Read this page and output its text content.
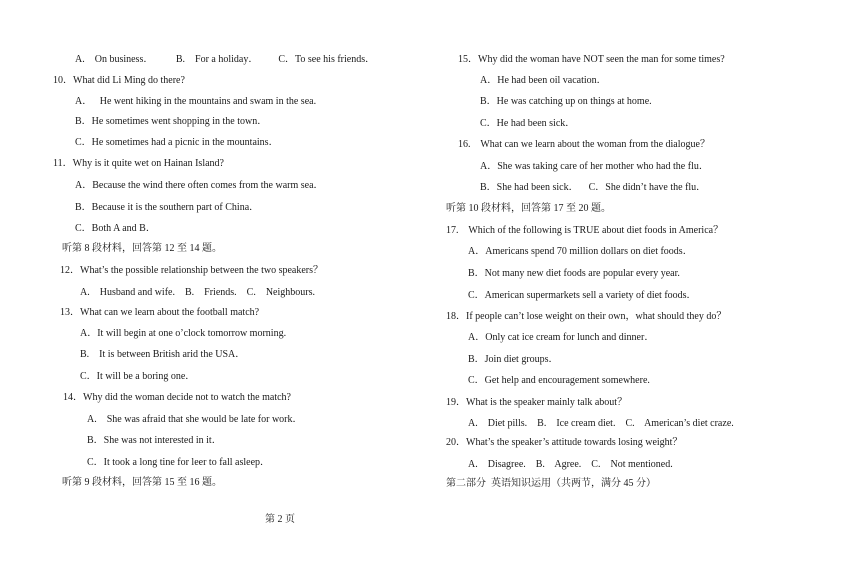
A.    On business．         B.    For a holiday．        C．To see his friends．
10．What did Li Ming do there?
A．   He went hiking in the mountains and swam in the sea.
B．He sometimes went shopping in the town．
C．He sometimes had a picnic in the mountains．
11．Why is it quite wet on Hainan Island?
A．Because the wind there often comes from the warm sea．
B．Because it is the southern part of China．
C．Both A and B．
听第 8 段材料，回答第 12 至 14 题。
12．What’s the possible relationship between the two speakers？
A.    Husband and wife.    B.    Friends.    C.    Neighbours.
13．What can we learn about the football match?
A．It will begin at one o’clock tomorrow morning.
B.    It is between British arid the USA．
C．It will be a boring one．
14．Why did the woman decide not to watch the match?
A.    She was afraid that she would be late for work．
B．She was not interested in it．
C．It took a long tine for leer to fall asleep．
听第 9 段材料，回答第 15 至 16 题。
15．Why did the woman have NOT seen the man for some times?
A．He had been oil vacation．
B．He was catching up on things at home.
C．He had been sick．
16.    What can we learn about the woman from the dialogue？
A．She was taking care of her mother who had the flu．
B．She had been sick．    C．She didn’t have the flu．
听第 10 段材料，回答第 17 至 20 题。
17.    Which of the following is TRUE about diet foods in America？
A．Americans spend 70 million dollars on diet foods．
B．Not many new diet foods are popular every year.
C．American supermarkets sell a variety of diet foods．
18．If people can’t lose weight on their own，what should they do？
A．Only cat ice cream for lunch and dinner．
B．Join diet groups．
C．Get help and encouragement somewhere.
19．What is the speaker mainly talk about？
A.    Diet pills.    B.    Ice cream diet.    C.    American’s diet craze.
20．What’s the speaker’s attitude towards losing weight？
A.    Disagree.    B.    Agree.    C.    Not mentioned.
第二部分  英语知识运用（共两节，满分 45 分）
第 2 页
